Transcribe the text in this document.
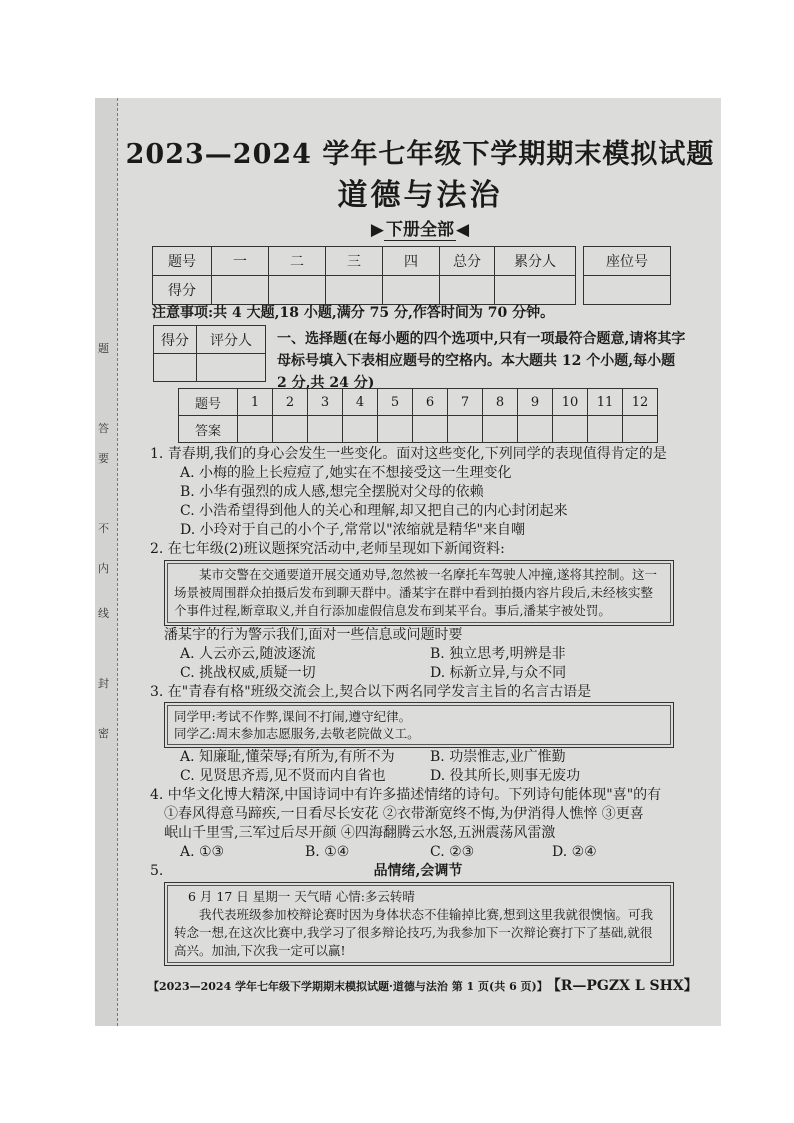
题
答
要
不
内
线
封
密
2023—2024 学年七年级下学期期末模拟试题
道德与法治
▶ 下册全部 ◀
题号	一	二	三	四	总分	累分人
得分						
座位号

注意事项:共 4 大题,18 小题,满分 75 分,作答时间为 70 分钟。
得分	评分人
	一、选择题(在每小题的四个选项中,只有一项最符合题意,请将其字母标号填入下表相应题号的空格内。本大题共 12 个小题,每小题 2 分,共 24 分)
题号	1	2	3	4	5	6	7	8	9	10	11	12
答案												
1. 青春期,我们的身心会发生一些变化。面对这些变化,下列同学的表现值得肯定的是
A. 小梅的脸上长痘痘了,她实在不想接受这一生理变化
B. 小华有强烈的成人感,想完全摆脱对父母的依赖
C. 小浩希望得到他人的关心和理解,却又把自己的内心封闭起来
D. 小玲对于自己的小个子,常常以"浓缩就是精华"来自嘲
2. 在七年级(2)班议题探究活动中,老师呈现如下新闻资料:
某市交警在交通要道开展交通劝导,忽然被一名摩托车驾驶人冲撞,遂将其控制。这一场景被周围群众拍摄后发布到聊天群中。潘某宇在群中看到拍摄内容片段后,未经核实整个事件过程,断章取义,并自行添加虚假信息发布到某平台。事后,潘某宇被处罚。
潘某宇的行为警示我们,面对一些信息或问题时要
A. 人云亦云,随波逐流	B. 独立思考,明辨是非
C. 挑战权威,质疑一切	D. 标新立异,与众不同
3. 在"青春有格"班级交流会上,契合以下两名同学发言主旨的名言古语是
同学甲:考试不作弊,课间不打闹,遵守纪律。
同学乙:周末参加志愿服务,去敬老院做义工。
A. 知廉耻,懂荣辱;有所为,有所不为	B. 功崇惟志,业广惟勤
C. 见贤思齐焉,见不贤而内自省也	D. 役其所长,则事无废功
4. 中华文化博大精深,中国诗词中有许多描述情绪的诗句。下列诗句能体现"喜"的有
①春风得意马蹄疾,一日看尽长安花 ②衣带渐宽终不悔,为伊消得人憔悴 ③更喜
岷山千里雪,三军过后尽开颜 ④四海翻腾云水怒,五洲震荡风雷激
A. ①③	B. ①④	C. ②③	D. ②④
5.	品情绪,会调节
6 月 17 日 星期一 天气晴 心情:多云转晴
我代表班级参加校辩论赛时因为身体状态不佳输掉比赛,想到这里我就很懊恼。可我转念一想,在这次比赛中,我学习了很多辩论技巧,为我参加下一次辩论赛打下了基础,就很高兴。加油,下次我一定可以赢!
【2023—2024 学年七年级下学期期末模拟试题·道德与法治 第 1 页(共 6 页)】 【R—PGZX L SHX】
